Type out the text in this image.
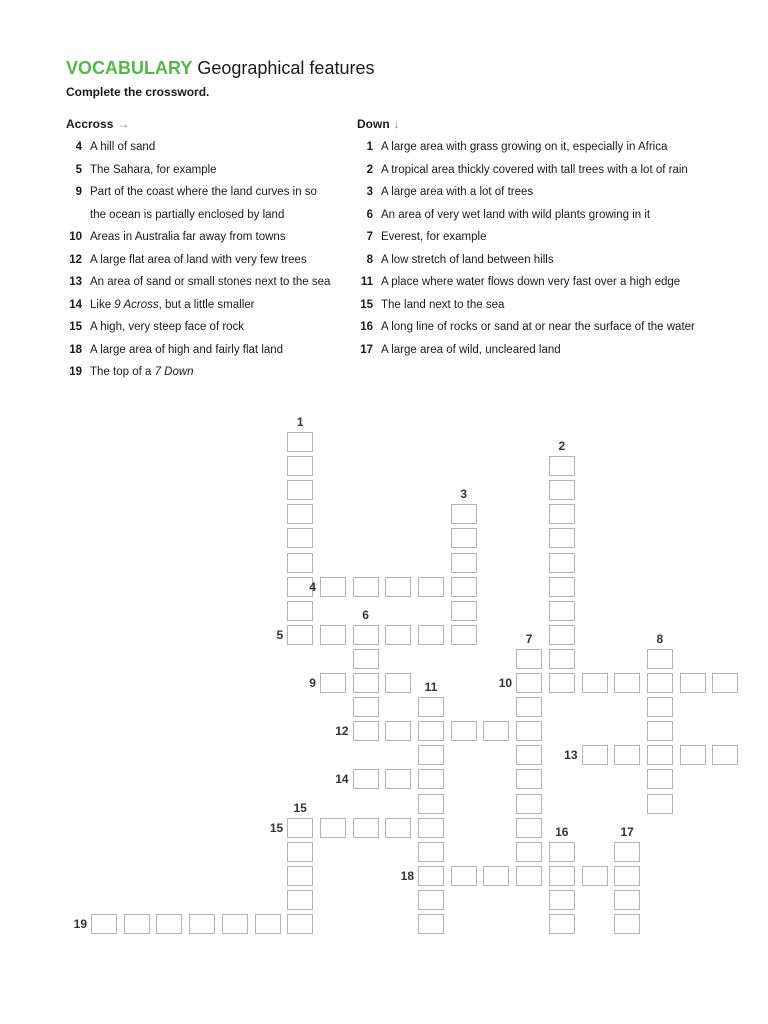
1
2
3
4
5
6
7	8
9	10
11
12
13
14
15
15
16	17
18
19
VOCABULARY Geographical features
Complete the crossword.
Accross →	Down ↓
4 A hill of sand
5 The Sahara, for example
9 Part of the coast where the land curves in so
the ocean is partially enclosed by land
10 Areas in Australia far away from towns
12 A large flat area of land with very few trees
13 An area of sand or small stones next to the sea
14 Like 9 Across, but a little smaller
15 A high, very steep face of rock
18 A large area of high and fairly flat land
19 The top of a 7 Down
1 A large area with grass growing on it, especially in Africa
2 A tropical area thickly covered with tall trees with a lot of rain
3 A large area with a lot of trees
6 An area of very wet land with wild plants growing in it
7 Everest, for example
8 A low stretch of land between hills
11 A place where water flows down very fast over a high edge
15 The land next to the sea
16 A long line of rocks or sand at or near the surface of the water
17 A large area of wild, uncleared land
